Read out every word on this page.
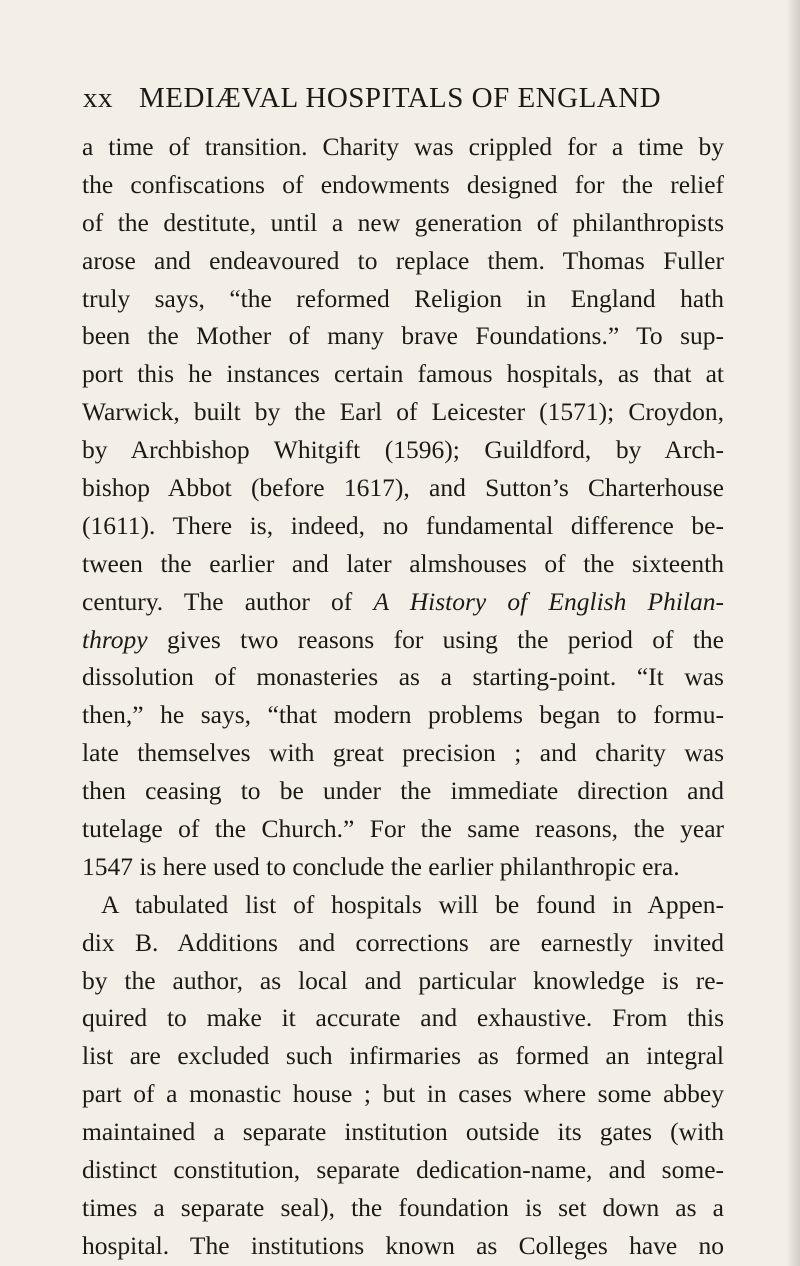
xx MEDIÆVAL HOSPITALS OF ENGLAND
a time of transition. Charity was crippled for a time by
the confiscations of endowments designed for the relief
of the destitute, until a new generation of philanthropists
arose and endeavoured to replace them. Thomas Fuller
truly says, “the reformed Religion in England hath
been the Mother of many brave Foundations.” To sup-
port this he instances certain famous hospitals, as that at
Warwick, built by the Earl of Leicester (1571); Croydon,
by Archbishop Whitgift (1596); Guildford, by Arch-
bishop Abbot (before 1617), and Sutton’s Charterhouse
(1611). There is, indeed, no fundamental difference be-
tween the earlier and later almshouses of the sixteenth
century. The author of A History of English Philan-
thropy gives two reasons for using the period of the
dissolution of monasteries as a starting-point. “It was
then,” he says, “that modern problems began to formu-
late themselves with great precision ; and charity was
then ceasing to be under the immediate direction and
tutelage of the Church.” For the same reasons, the year
1547 is here used to conclude the earlier philanthropic era.
A tabulated list of hospitals will be found in Appen-
dix B. Additions and corrections are earnestly invited
by the author, as local and particular knowledge is re-
quired to make it accurate and exhaustive. From this
list are excluded such infirmaries as formed an integral
part of a monastic house ; but in cases where some abbey
maintained a separate institution outside its gates (with
distinct constitution, separate dedication-name, and some-
times a separate seal), the foundation is set down as a
hospital. The institutions known as Colleges have no
